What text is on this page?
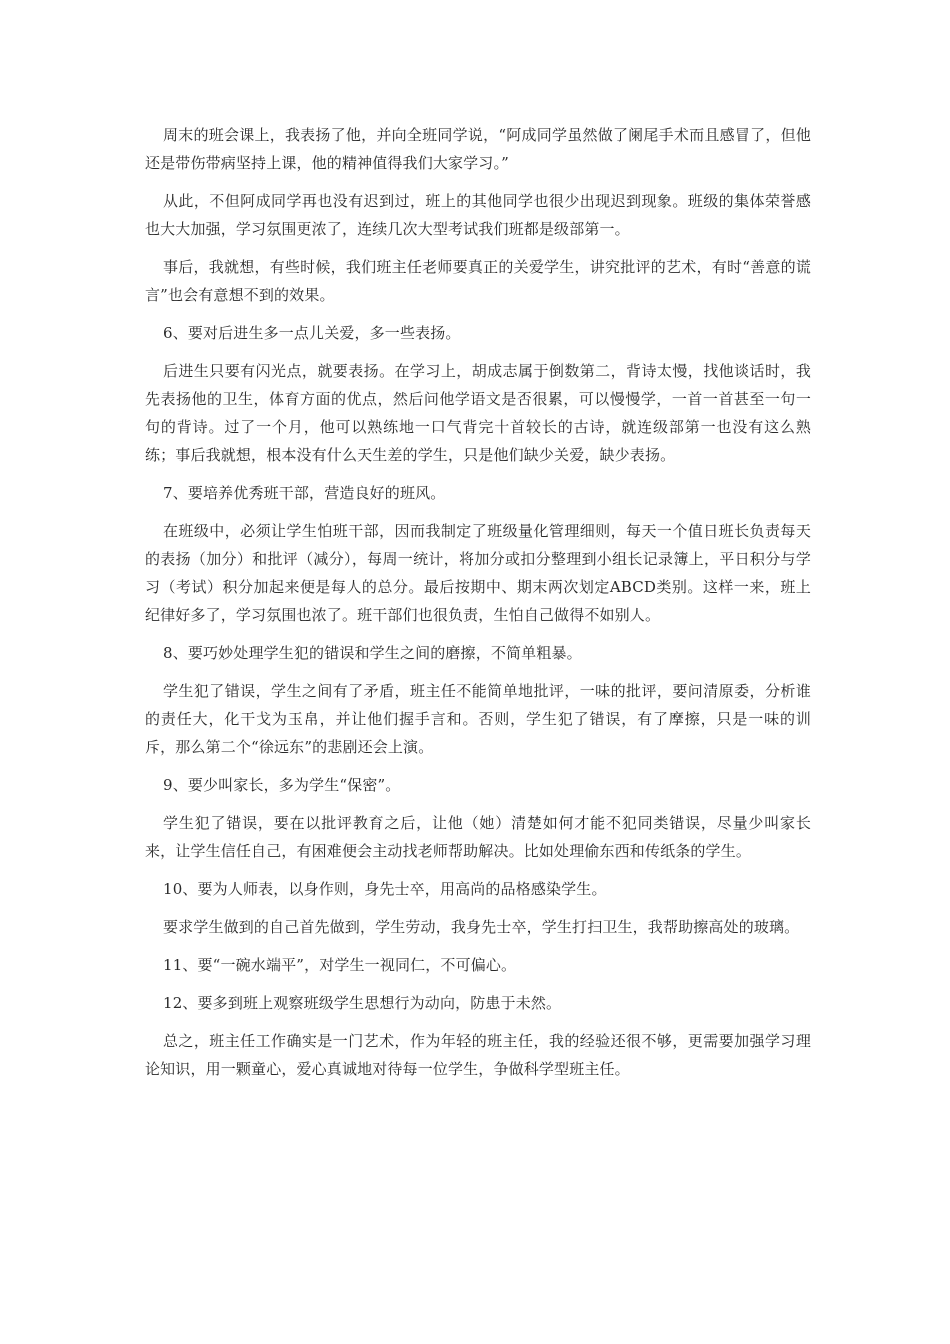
周末的班会课上，我表扬了他，并向全班同学说，“阿成同学虽然做了阑尾手术而且感冒了，但他还是带伤带病坚持上课，他的精神值得我们大家学习。”

从此，不但阿成同学再也没有迟到过，班上的其他同学也很少出现迟到现象。班级的集体荣誉感也大大加强，学习氛围更浓了，连续几次大型考试我们班都是级部第一。

事后，我就想，有些时候，我们班主任老师要真正的关爱学生，讲究批评的艺术，有时“善意的谎言”也会有意想不到的效果。

6、要对后进生多一点儿关爱，多一些表扬。

后进生只要有闪光点，就要表扬。在学习上，胡成志属于倒数第二，背诗太慢，找他谈话时，我先表扬他的卫生，体育方面的优点，然后问他学语文是否很累，可以慢慢学，一首一首甚至一句一句的背诗。过了一个月，他可以熟练地一口气背完十首较长的古诗，就连级部第一也没有这么熟练；事后我就想，根本没有什么天生差的学生，只是他们缺少关爱，缺少表扬。

7、要培养优秀班干部，营造良好的班风。

在班级中，必须让学生怕班干部，因而我制定了班级量化管理细则，每天一个值日班长负责每天的表扬（加分）和批评（减分），每周一统计，将加分或扣分整理到小组长记录簿上，平日积分与学习（考试）积分加起来便是每人的总分。最后按期中、期末两次划定ABCD类别。这样一来，班上纪律好多了，学习氛围也浓了。班干部们也很负责，生怕自己做得不如别人。

8、要巧妙处理学生犯的错误和学生之间的磨擦，不简单粗暴。

学生犯了错误，学生之间有了矛盾，班主任不能简单地批评，一味的批评，要问清原委，分析谁的责任大，化干戈为玉帛，并让他们握手言和。否则，学生犯了错误，有了摩擦，只是一味的训斥，那么第二个“徐远东”的悲剧还会上演。

9、要少叫家长，多为学生“保密”。

学生犯了错误，要在以批评教育之后，让他（她）清楚如何才能不犯同类错误，尽量少叫家长来，让学生信任自己，有困难便会主动找老师帮助解决。比如处理偷东西和传纸条的学生。

10、要为人师表，以身作则，身先士卒，用高尚的品格感染学生。

要求学生做到的自己首先做到，学生劳动，我身先士卒，学生打扫卫生，我帮助擦高处的玻璃。

11、要“一碗水端平”，对学生一视同仁，不可偏心。

12、要多到班上观察班级学生思想行为动向，防患于未然。

总之，班主任工作确实是一门艺术，作为年轻的班主任，我的经验还很不够，更需要加强学习理论知识，用一颗童心，爱心真诚地对待每一位学生，争做科学型班主任。
